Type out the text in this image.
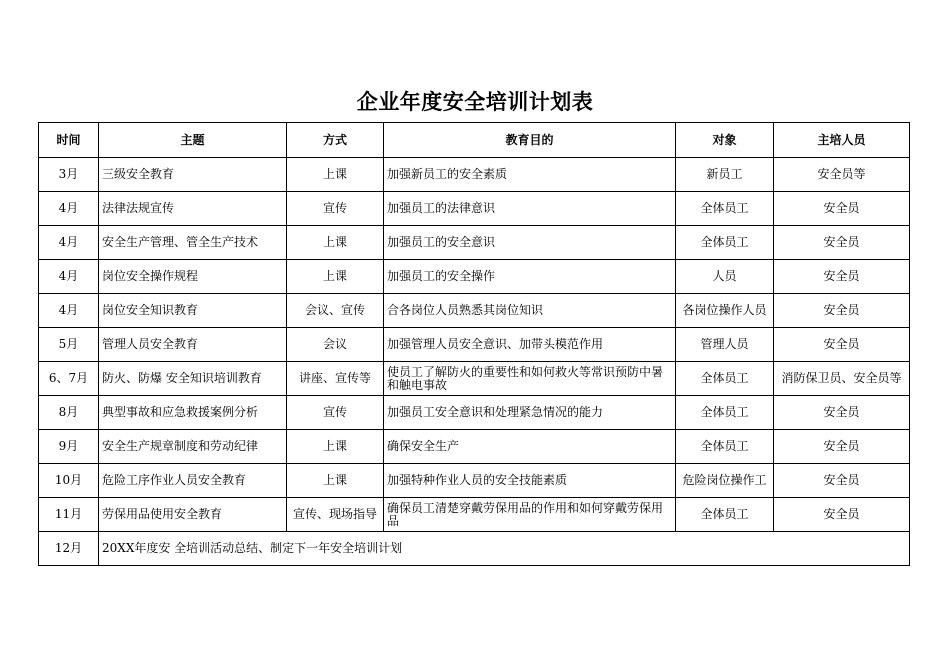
企业年度安全培训计划表
时间	主题	方式	教育目的	对象	主培人员
3月	三级安全教育	上课	加强新员工的安全素质	新员工	安全员等
4月	法律法规宣传	宣传	加强员工的法律意识	全体员工	安全员
4月	安全生产管理、管全生产技术	上课	加强员工的安全意识	全体员工	安全员
4月	岗位安全操作规程	上课	加强员工的安全操作	人员	安全员
4月	岗位安全知识教育	会议、宣传	合各岗位人员熟悉其岗位知识	各岗位操作人员	安全员
5月	管理人员安全教育	会议	加强管理人员安全意识、加带头模范作用	管理人员	安全员
6、7月	防火、防爆 安全知识培训教育	讲座、宣传等	使员工了解防火的重要性和如何救火等常识预防中暑和触电事故	全体员工	消防保卫员、安全员等
8月	典型事故和应急救援案例分析	宣传	加强员工安全意识和处理紧急情况的能力	全体员工	安全员
9月	安全生产规章制度和劳动纪律	上课	确保安全生产	全体员工	安全员
10月	危险工序作业人员安全教育	上课	加强特种作业人员的安全技能素质	危险岗位操作工	安全员
11月	劳保用品使用安全教育	宣传、现场指导	确保员工清楚穿戴劳保用品的作用和如何穿戴劳保用品	全体员工	安全员
12月	20XX年度安 全培训活动总结、制定下一年安全培训计划				
